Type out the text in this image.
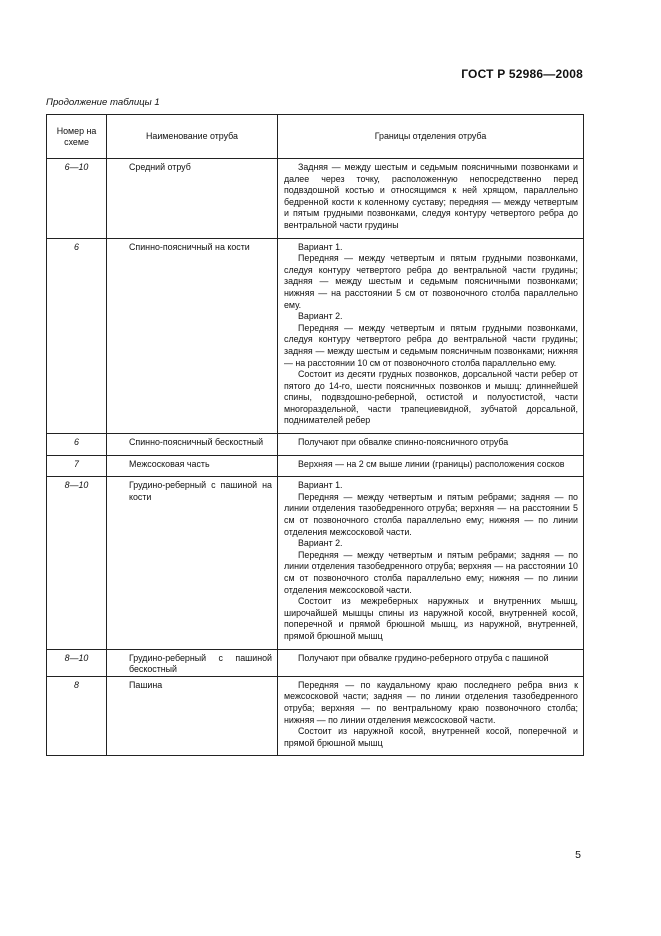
ГОСТ Р 52986—2008
Продолжение таблицы 1
Номер на схеме	Наименование отруба	Границы отделения отруба

6—10	Средний отруб	Задняя — между шестым и седьмым поясничными позвонками и далее через точку, расположенную непосредственно перед подвздошной костью и относящимся к ней хрящом, параллельно бедренной кости к коленному суставу; передняя — между четвертым и пятым грудными позвонками, следуя контуру четвертого ребра до вентральной части грудины

6	Спинно-поясничный на кости	Вариант 1.

Передняя — между четвертым и пятым грудными позвонками, следуя контуру четвертого ребра до вентральной части грудины; задняя — между шестым и седьмым поясничными позвонками; нижняя — на расстоянии 5 см от позвоночного столба параллельно ему.

Вариант 2.

Передняя — между четвертым и пятым грудными позвонками, следуя контуру четвертого ребра до вентральной части грудины; задняя — между шестым и седьмым поясничным позвонками; нижняя — на расстоянии 10 см от позвоночного столба параллельно ему.

Состоит из десяти грудных позвонков, дорсальной части ребер от пятого до 14-го, шести поясничных позвонков и мышц: длиннейшей спины, подвздошно-реберной, остистой и полуостистой, части многораздельной, части трапециевидной, зубчатой дорсальной, поднимателей ребер

6	Спинно-поясничный бескостный	Получают при обвалке спинно-поясничного отруба

7	Межсосковая часть	Верхняя — на 2 см выше линии (границы) расположения сосков

8—10	Грудино-реберный с пашиной на кости	Вариант 1.

Передняя — между четвертым и пятым ребрами; задняя — по линии отделения тазобедренного отруба; верхняя — на расстоянии 5 см от позвоночного столба параллельно ему; нижняя — по линии отделения межсосковой части.

Вариант 2.

Передняя — между четвертым и пятым ребрами; задняя — по линии отделения тазобедренного отруба; верхняя — на расстоянии 10 см от позвоночного столба параллельно ему; нижняя — по линии отделения межсосковой части.

Состоит из межреберных наружных и внутренних мышц, широчайшей мышцы спины из наружной косой, внутренней косой, поперечной и прямой брюшной мышц, из наружной, внутренней, прямой брюшной мышц

8—10	Грудино-реберный с пашиной бескостный	Получают при обвалке грудино-реберного отруба с пашиной

8	Пашина	Передняя — по каудальному краю последнего ребра вниз к межсосковой части; задняя — по линии отделения тазобедренного отруба; верхняя — по вентральному краю позвоночного столба; нижняя — по линии отделения межсосковой части.

Состоит из наружной косой, внутренней косой, поперечной и прямой брюшной мышц

5
